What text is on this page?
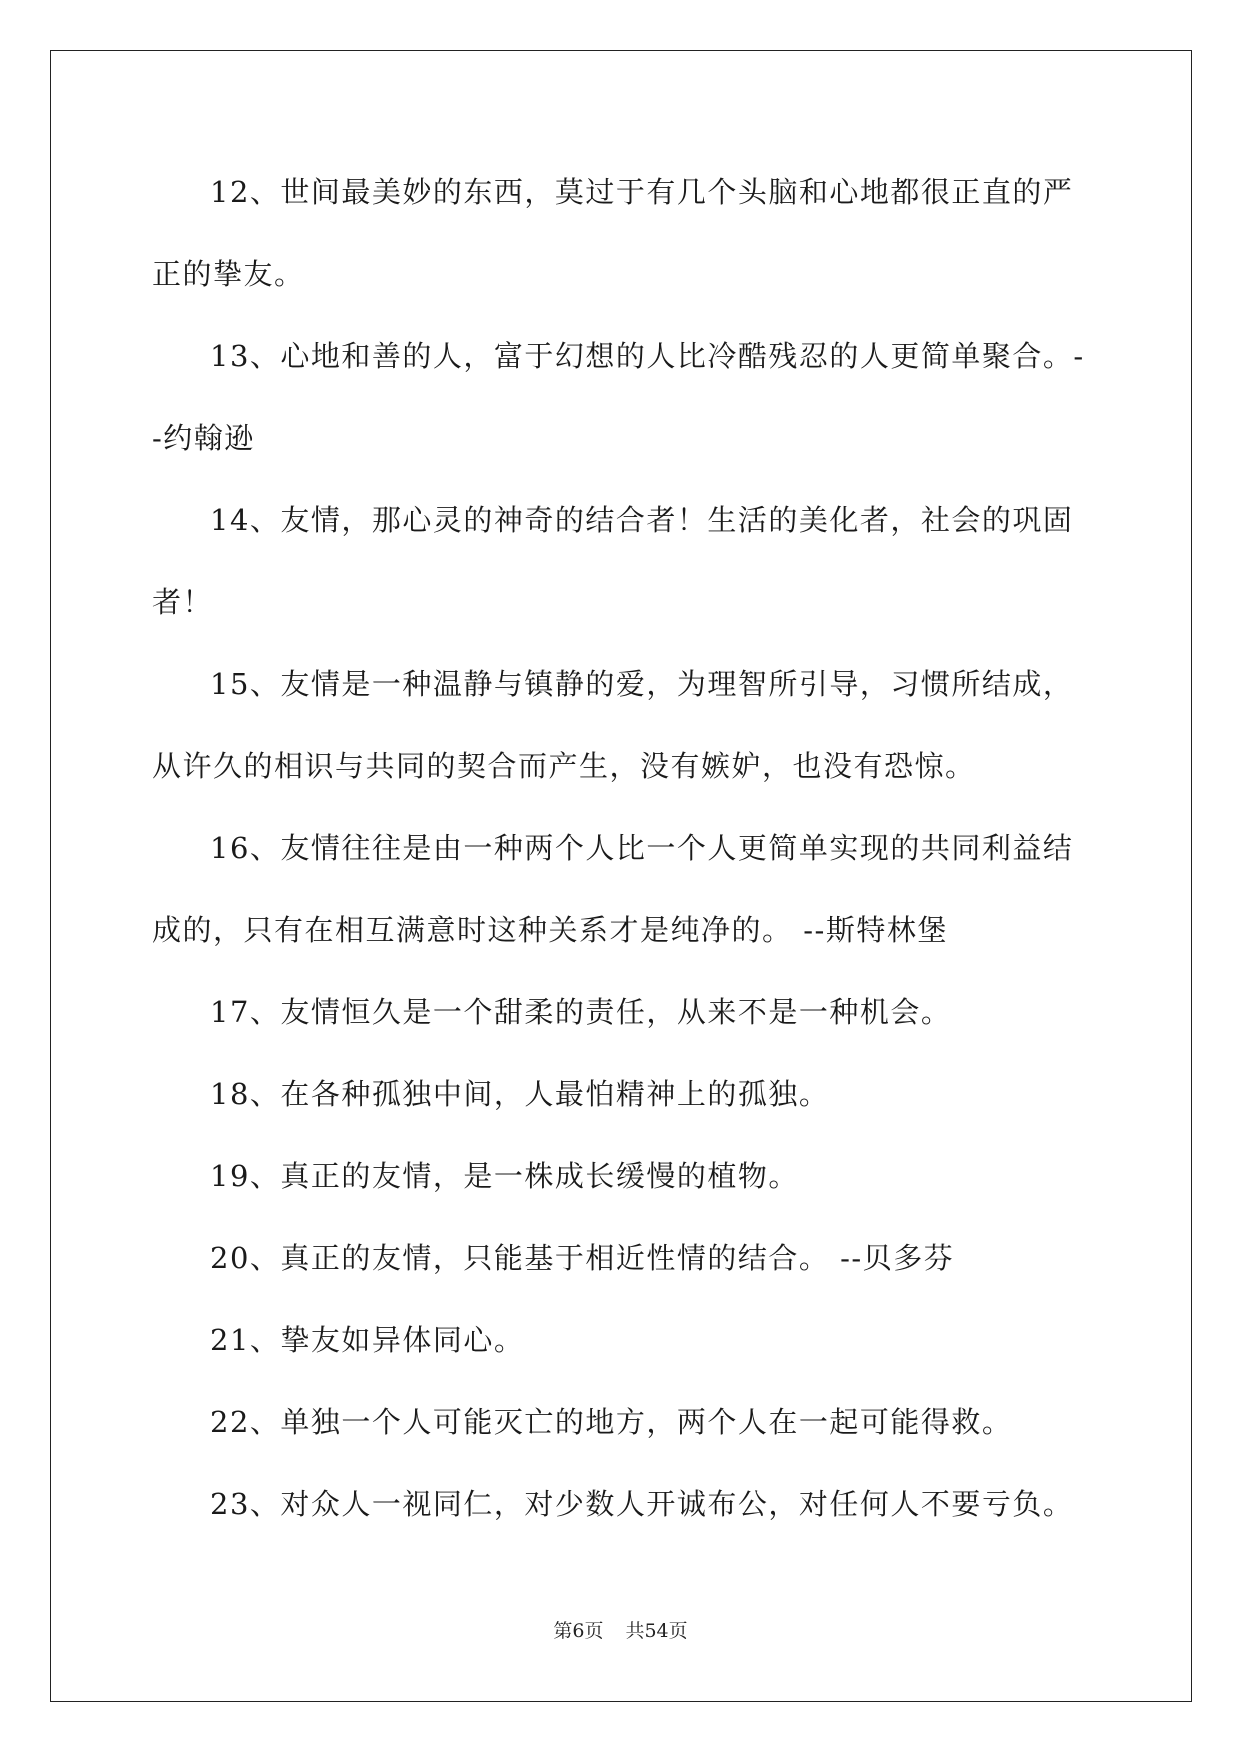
12、世间最美妙的东西，莫过于有几个头脑和心地都很正直的严正的挚友。

13、心地和善的人，富于幻想的人比冷酷残忍的人更简单聚合。--约翰逊

14、友情，那心灵的神奇的结合者！生活的美化者，社会的巩固者！

15、友情是一种温静与镇静的爱，为理智所引导，习惯所结成，从许久的相识与共同的契合而产生，没有嫉妒，也没有恐惊。

16、友情往往是由一种两个人比一个人更简单实现的共同利益结成的，只有在相互满意时这种关系才是纯净的。 --斯特林堡

17、友情恒久是一个甜柔的责任，从来不是一种机会。

18、在各种孤独中间，人最怕精神上的孤独。

19、真正的友情，是一株成长缓慢的植物。

20、真正的友情，只能基于相近性情的结合。 --贝多芬

21、挚友如异体同心。

22、单独一个人可能灭亡的地方，两个人在一起可能得救。

23、对众人一视同仁，对少数人开诚布公，对任何人不要亏负。

第6页 共54页
